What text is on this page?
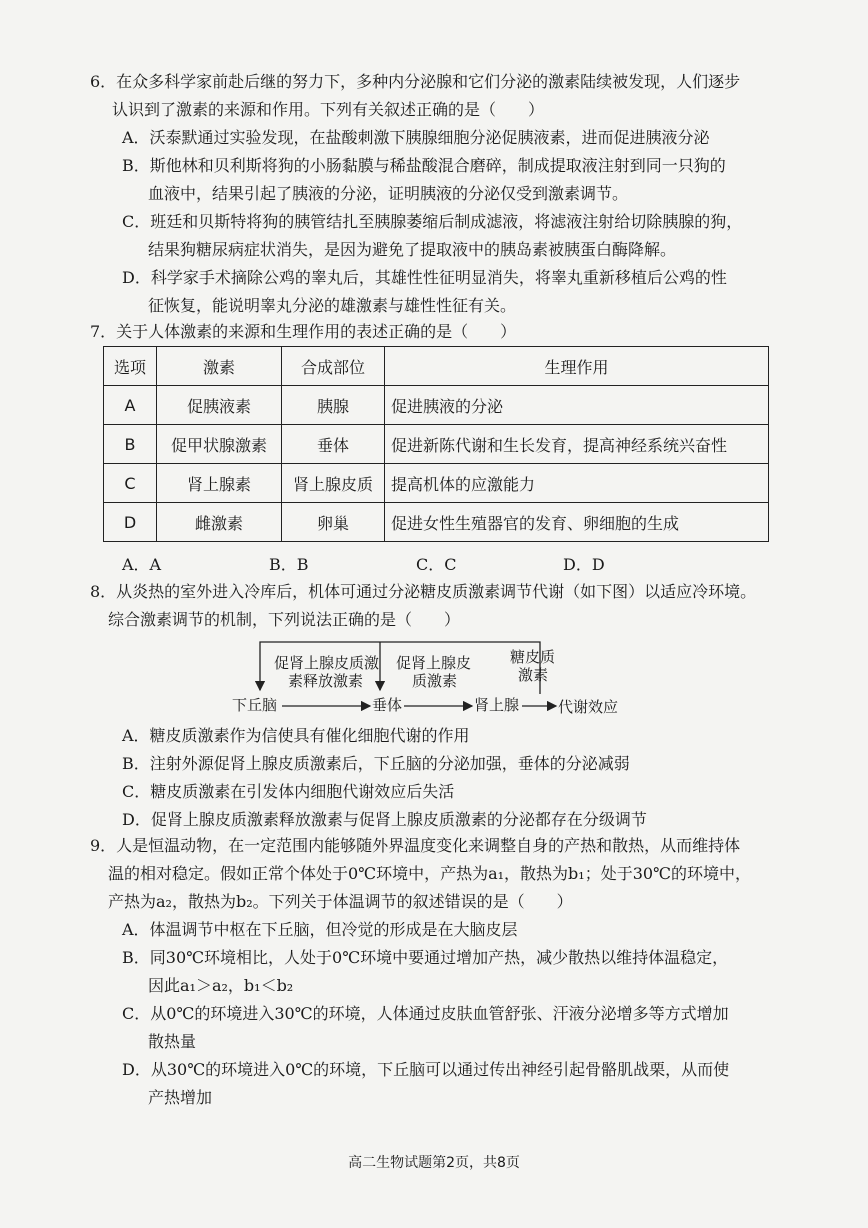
6．在众多科学家前赴后继的努力下，多种内分泌腺和它们分泌的激素陆续被发现，人们逐步

认识到了激素的来源和作用。下列有关叙述正确的是（　　）

A．沃泰默通过实验发现，在盐酸刺激下胰腺细胞分泌促胰液素，进而促进胰液分泌

B．斯他林和贝利斯将狗的小肠黏膜与稀盐酸混合磨碎，制成提取液注射到同一只狗的

血液中，结果引起了胰液的分泌，证明胰液的分泌仅受到激素调节。

C．班廷和贝斯特将狗的胰管结扎至胰腺萎缩后制成滤液，将滤液注射给切除胰腺的狗，

结果狗糖尿病症状消失，是因为避免了提取液中的胰岛素被胰蛋白酶降解。

D．科学家手术摘除公鸡的睾丸后，其雄性性征明显消失，将睾丸重新移植后公鸡的性

征恢复，能说明睾丸分泌的雄激素与雄性性征有关。

7．关于人体激素的来源和生理作用的表述正确的是（　　）

选项	激素	合成部位	生理作用
A	促胰液素	胰腺	促进胰液的分泌
B	促甲状腺激素	垂体	促进新陈代谢和生长发育，提高神经系统兴奋性
C	肾上腺素	肾上腺皮质	提高机体的应激能力
D	雌激素	卵巢	促进女性生殖器官的发育、卵细胞的生成
A．A	B．B	C．C	D．D

8．从炎热的室外进入冷库后，机体可通过分泌糖皮质激素调节代谢（如下图）以适应冷环境。

综合激素调节的机制，下列说法正确的是（　　）

下丘脑	垂体	肾上腺	代谢效应
促肾上腺皮质激
素释放激素
促肾上腺皮
质激素
糖皮质
激素

A．糖皮质激素作为信使具有催化细胞代谢的作用

B．注射外源促肾上腺皮质激素后，下丘脑的分泌加强，垂体的分泌减弱

C．糖皮质激素在引发体内细胞代谢效应后失活

D．促肾上腺皮质激素释放激素与促肾上腺皮质激素的分泌都存在分级调节

9．人是恒温动物，在一定范围内能够随外界温度变化来调整自身的产热和散热，从而维持体

温的相对稳定。假如正常个体处于0℃环境中，产热为a₁，散热为b₁；处于30℃的环境中，

产热为a₂，散热为b₂。下列关于体温调节的叙述错误的是（　　）

A．体温调节中枢在下丘脑，但冷觉的形成是在大脑皮层

B．同30℃环境相比，人处于0℃环境中要通过增加产热，减少散热以维持体温稳定，

因此a₁＞a₂，b₁＜b₂

C．从0℃的环境进入30℃的环境，人体通过皮肤血管舒张、汗液分泌增多等方式增加

散热量

D．从30℃的环境进入0℃的环境，下丘脑可以通过传出神经引起骨骼肌战栗，从而使

产热增加

高二生物试题第2页，共8页
